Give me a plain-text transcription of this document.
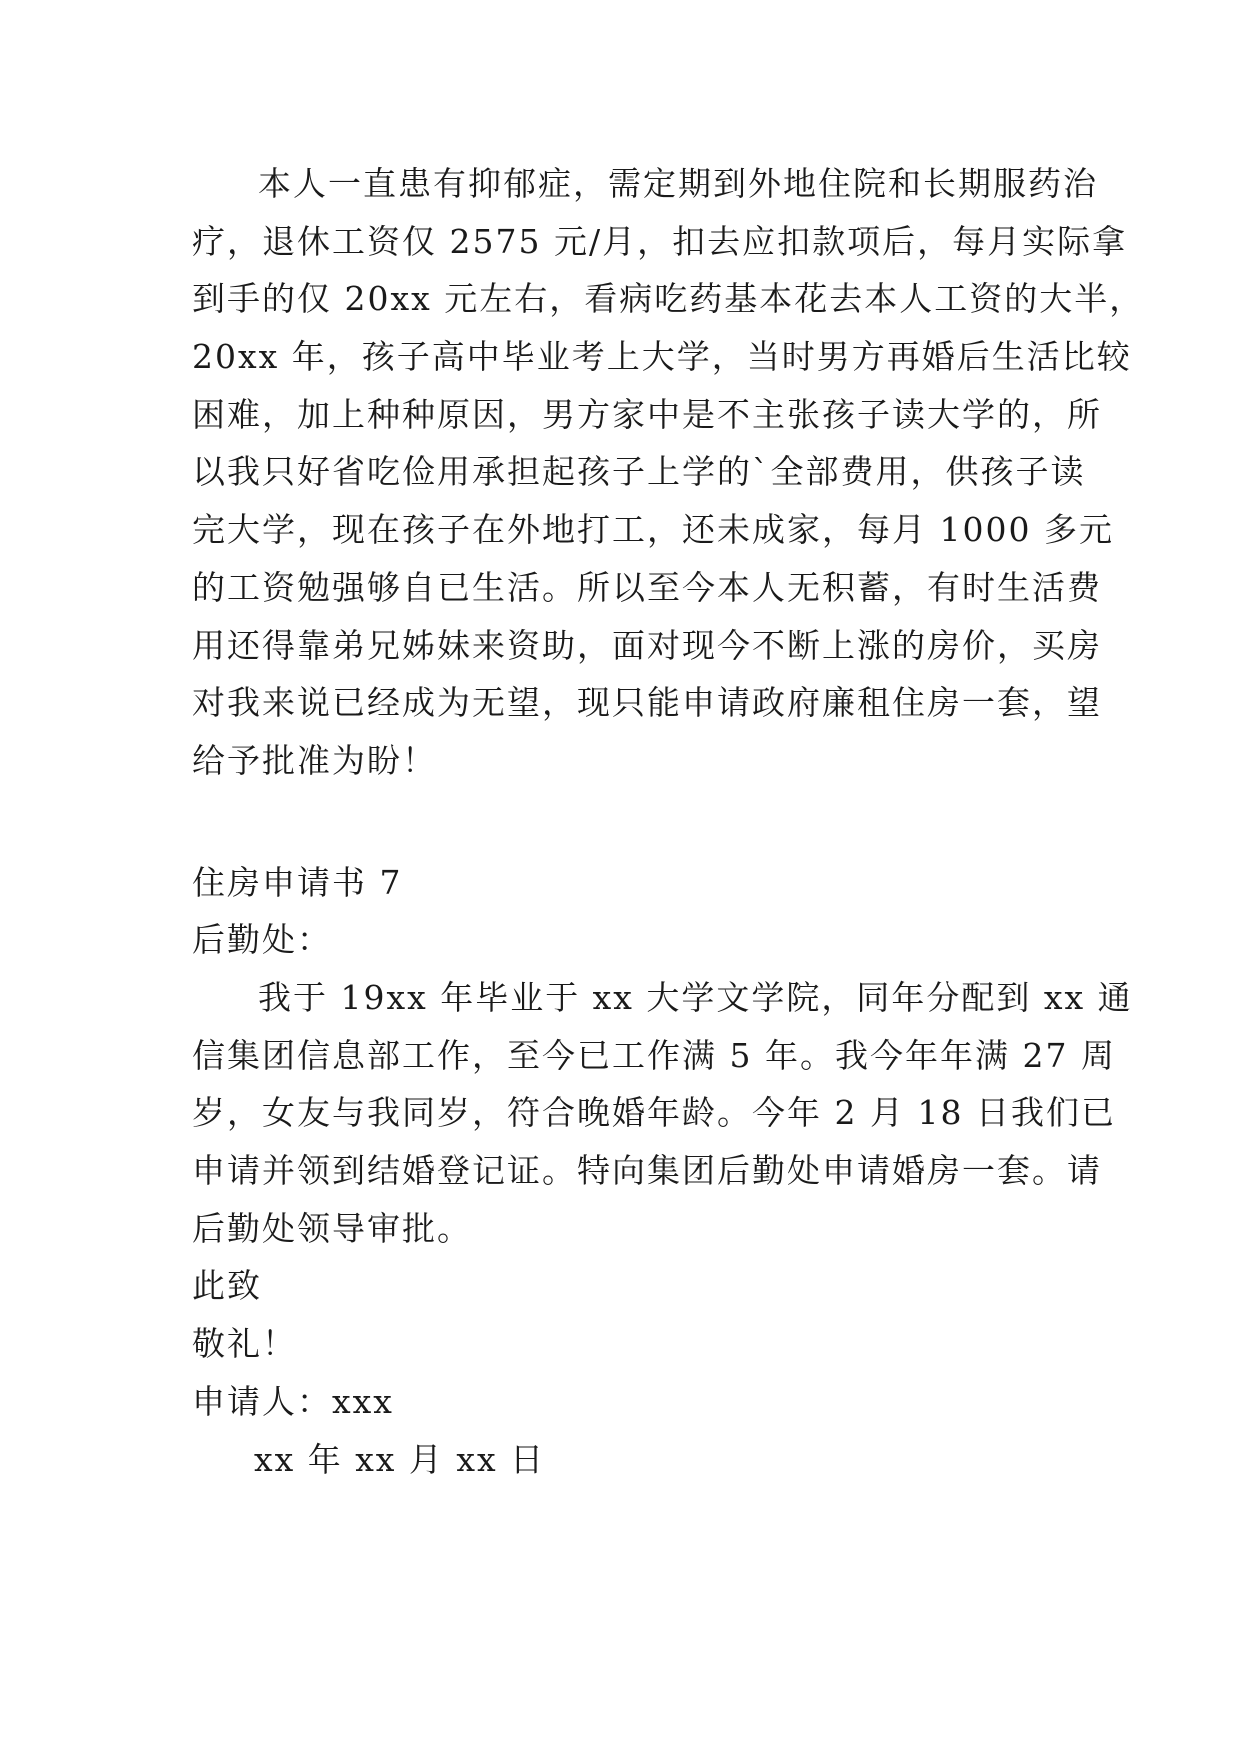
本人一直患有抑郁症，需定期到外地住院和长期服药治
疗，退休工资仅 2575 元/月，扣去应扣款项后，每月实际拿
到手的仅 20xx 元左右，看病吃药基本花去本人工资的大半，
20xx 年，孩子高中毕业考上大学，当时男方再婚后生活比较
困难，加上种种原因，男方家中是不主张孩子读大学的，所
以我只好省吃俭用承担起孩子上学的`全部费用，供孩子读
完大学，现在孩子在外地打工，还未成家，每月 1000 多元
的工资勉强够自已生活。所以至今本人无积蓄，有时生活费
用还得靠弟兄姊妹来资助，面对现今不断上涨的房价，买房
对我来说已经成为无望，现只能申请政府廉租住房一套，望
给予批准为盼！
住房申请书 7
后勤处：
我于 19xx 年毕业于 xx 大学文学院，同年分配到 xx 通
信集团信息部工作，至今已工作满 5 年。我今年年满 27 周
岁，女友与我同岁，符合晚婚年龄。今年 2 月 18 日我们已
申请并领到结婚登记证。特向集团后勤处申请婚房一套。请
后勤处领导审批。
此致
敬礼！
申请人：xxx
xx 年 xx 月 xx 日
